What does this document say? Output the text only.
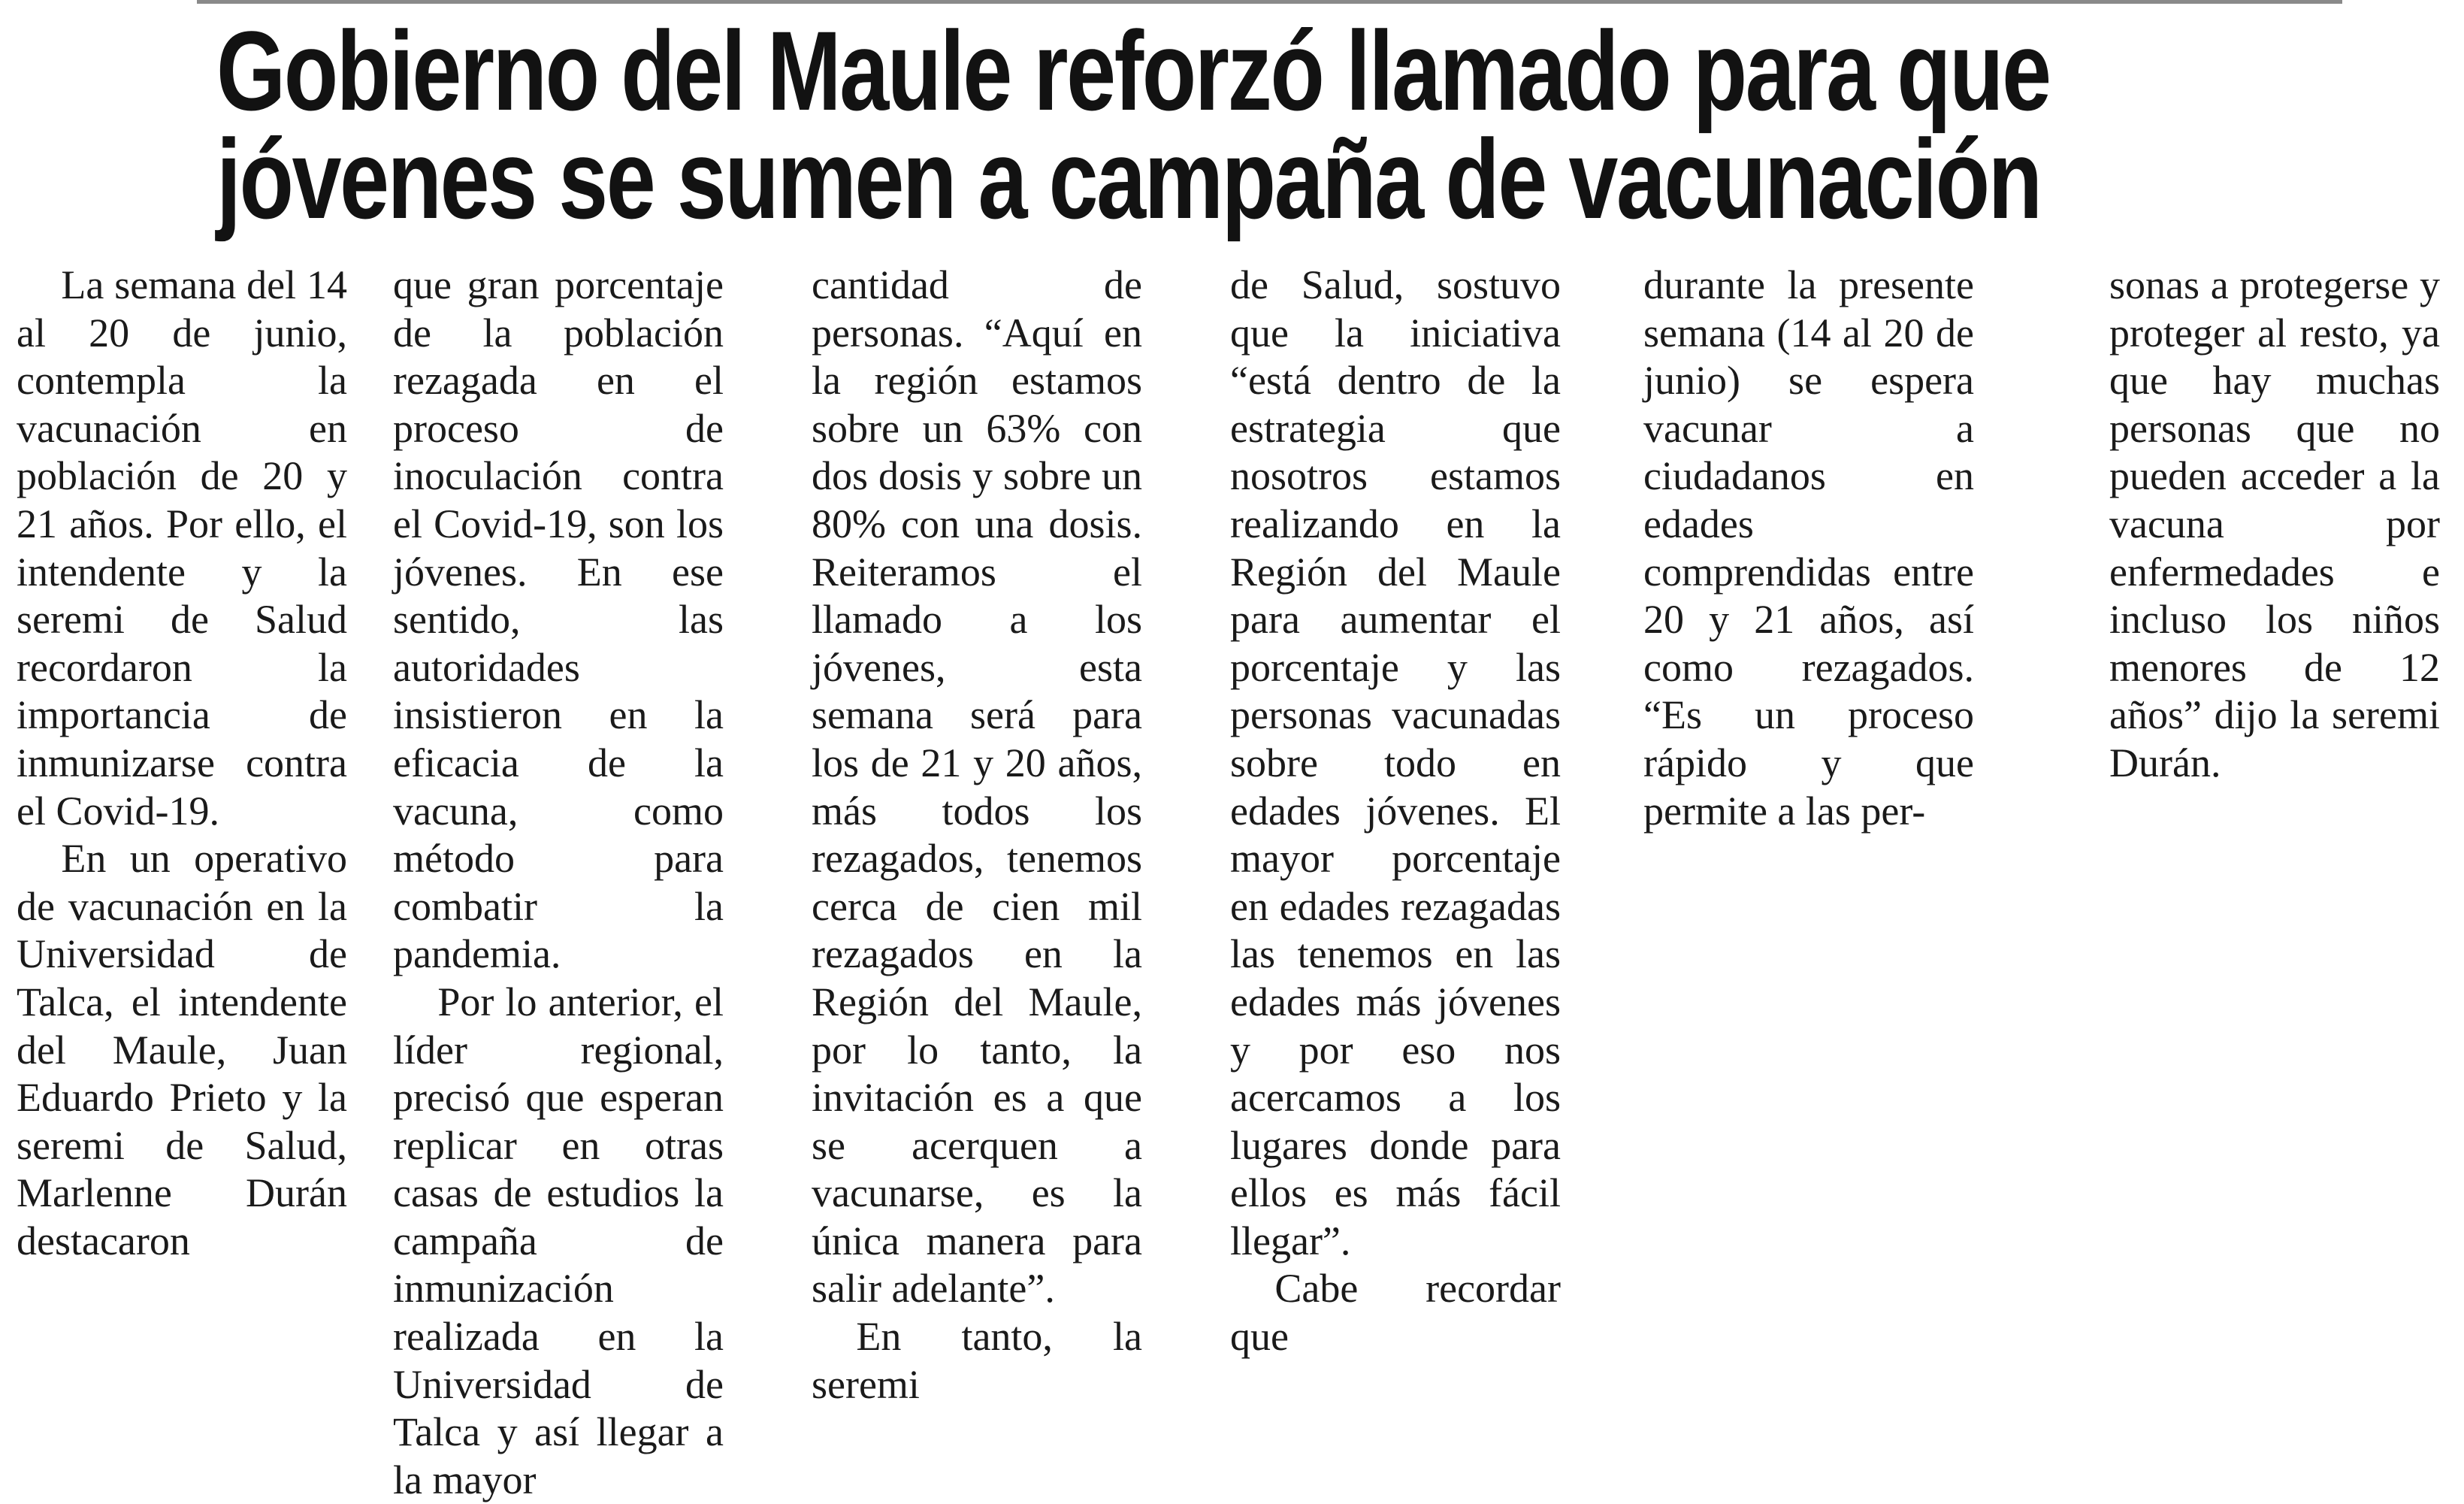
Gobierno del Maule reforzó llamado para que
jóvenes se sumen a campaña de vacunación

La semana del 14 al 20 de junio, contempla la vacunación en población de 20 y 21 años. Por ello, el intendente y la seremi de Salud recordaron la importancia de inmunizarse contra el Covid-19.

En un operativo de vacunación en la Universidad de Talca, el intendente del Maule, Juan Eduardo Prieto y la seremi de Salud, Marlenne Durán destacaron

que gran porcentaje de la población rezagada en el proceso de inoculación contra el Covid-19, son los jóvenes. En ese sentido, las autoridades insistieron en la eficacia de la vacuna, como método para combatir la pandemia.

Por lo anterior, el líder regional, precisó que esperan replicar en otras casas de estudios la campaña de inmunización realizada en la Universidad de Talca y así llegar a la mayor

cantidad de personas. “Aquí en la región estamos sobre un 63% con dos dosis y sobre un 80% con una dosis. Reiteramos el llamado a los jóvenes, esta semana será para los de 21 y 20 años, más todos los rezagados, tenemos cerca de cien mil rezagados en la Región del Maule, por lo tanto, la invitación es a que se acerquen a vacunarse, es la única manera para salir adelante”.

En tanto, la seremi

de Salud, sostuvo que la iniciativa “está dentro de la estrategia que nosotros estamos realizando en la Región del Maule para aumentar el porcentaje y las personas vacunadas sobre todo en edades jóvenes. El mayor porcentaje en edades rezagadas las tenemos en las edades más jóvenes y por eso nos acercamos a los lugares donde para ellos es más fácil llegar”.

Cabe recordar que

durante la presente semana (14 al 20 de junio) se espera vacunar a ciudadanos en edades comprendidas entre 20 y 21 años, así como rezagados. “Es un proceso rápido y que permite a las per-

sonas a protegerse y proteger al resto, ya que hay muchas personas que no pueden acceder a la vacuna por enfermedades e incluso los niños menores de 12 años” dijo la seremi Durán.
